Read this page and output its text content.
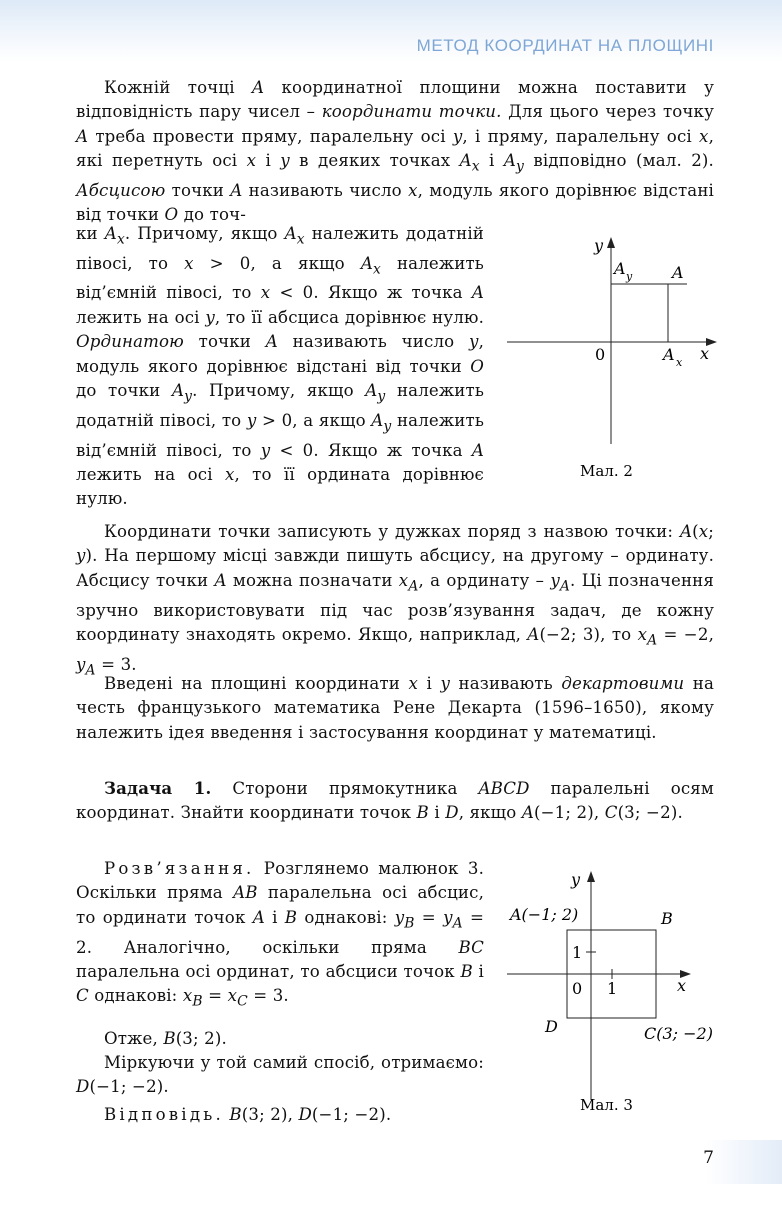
МЕТОД КООРДИНАТ НА ПЛОЩИНІ

Кожній точці A координатної площини можна поставити у відповідність пару чисел – координати точки. Для цього через точку A треба провести пряму, паралельну осі y, і пряму, паралельну осі x, які перетнуть осі x і y в деяких точках $A_x$ і $A_y$ відповідно (мал. 2). Абсцисою точки A називають число x, модуль якого дорівнює відстані від точки O до точ-

ки $A_x$. Причому, якщо $A_x$ належить додатній півосі, то x > 0, а якщо $A_x$ належить від’ємній півосі, то x < 0. Якщо ж точка A лежить на осі y, то її абсциса дорівнює нулю. Ординатою точки A називають число y, модуль якого дорівнює відстані від точки O до точки $A_y$. Причому, якщо $A_y$ належить додатній півосі, то y > 0, а якщо $A_y$ належить від’ємній півосі, то y < 0. Якщо ж точка A лежить на осі x, то її ордината дорівнює нулю.

y
x
0
A
A y
A x
Мал. 2

Координати точки записують у дужках поряд з назвою точки: A(x; y). На першому місці завжди пишуть абсцису, на другому – ординату. Абсцису точки A можна позначати $x_A$, а ординату – $y_A$. Ці позначення зручно використовувати під час розв’язування задач, де кожну координату знаходять окремо. Якщо, наприклад, A(−2; 3), то $x_A = -2$, $y_A = 3$.

Введені на площині координати x і y називають декартовими на честь французького математика Рене Декарта (1596–1650), якому належить ідея введення і застосування координат у математиці.

Задача 1. Сторони прямокутника ABCD паралельні осям координат. Знайти координати точок B і D, якщо A(−1; 2), C(3; −2).

Розв’язання. Розглянемо малюнок 3. Оскільки пряма AB паралельна осі абсцис, то ординати точок A і B однакові: $y_B = y_A = 2$. Аналогічно, оскільки пряма BC паралельна осі ординат, то абсциси точок B і C однакові: $x_B = x_C = 3$.

Отже, B(3; 2).

Міркуючи у той самий спосіб, отримаємо: D(−1; −2).

Відповідь. B(3; 2), D(−1; −2).

y
x
0 1
1
A(−1; 2)	B
C(3; −2)
D
Мал. 3
7
